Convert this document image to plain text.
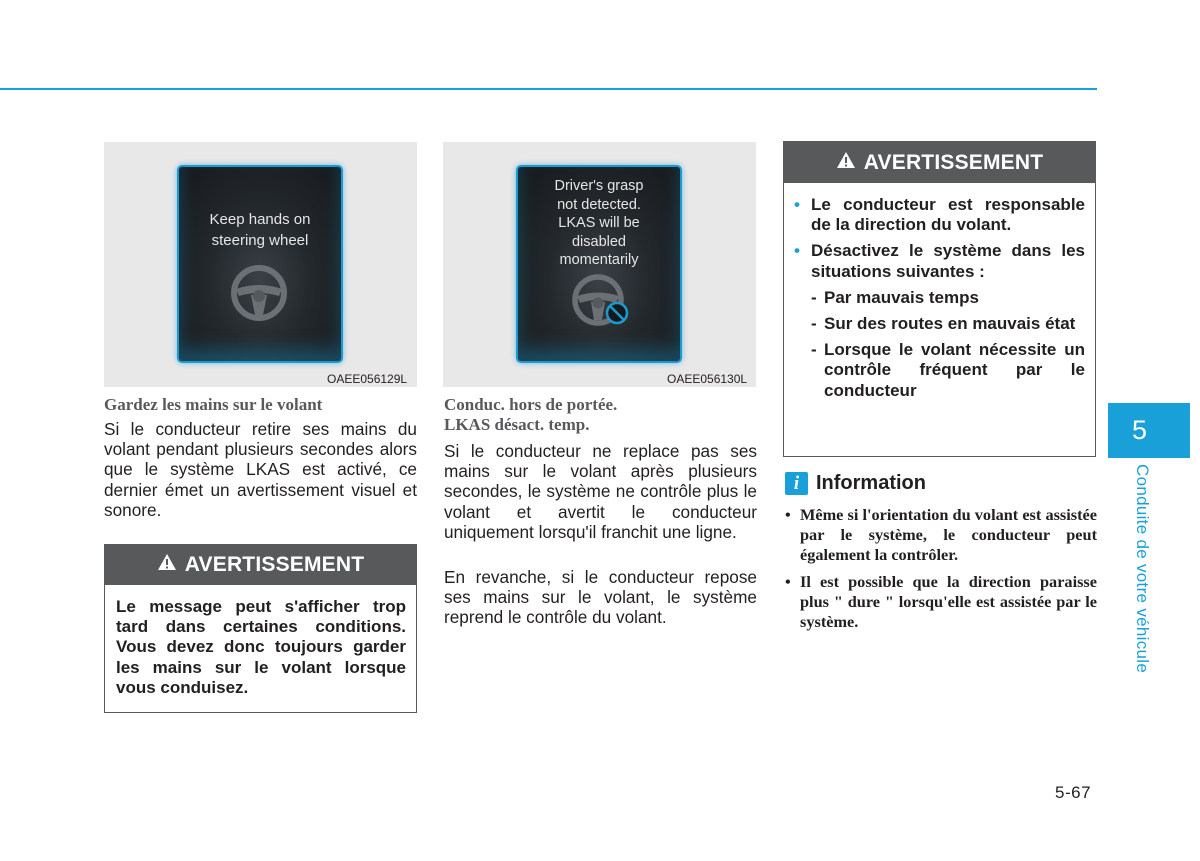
Keep hands on
steering wheel
OAEE056129L
Driver's grasp
not detected.
LKAS will be
disabled
momentarily
OAEE056130L
Gardez les mains sur le volant
Si le conducteur retire ses mains du volant pendant plusieurs secondes alors que le système LKAS est activé, ce dernier émet un avertissement visuel et sonore.
AVERTISSEMENT
Le message peut s'afficher trop tard dans certaines conditions. Vous devez donc toujours garder les mains sur le volant lorsque vous conduisez.
Conduc. hors de portée.
LKAS désact. temp.
Si le conducteur ne replace pas ses mains sur le volant après plusieurs secondes, le système ne contrôle plus le volant et avertit le conducteur uniquement lorsqu'il franchit une ligne.
En revanche, si le conducteur repose ses mains sur le volant, le système reprend le contrôle du volant.
AVERTISSEMENT
• Le conducteur est responsable de la direction du volant.
• Désactivez le système dans les situations suivantes :
- Par mauvais temps
- Sur des routes en mauvais état
- Lorsque le volant nécessite un contrôle fréquent par le conducteur
i Information
• Même si l'orientation du volant est assistée par le système, le conducteur peut également la contrôler.
• Il est possible que la direction paraisse plus " dure " lorsqu'elle est assistée par le système.
5
Conduite de votre véhicule
5-67
